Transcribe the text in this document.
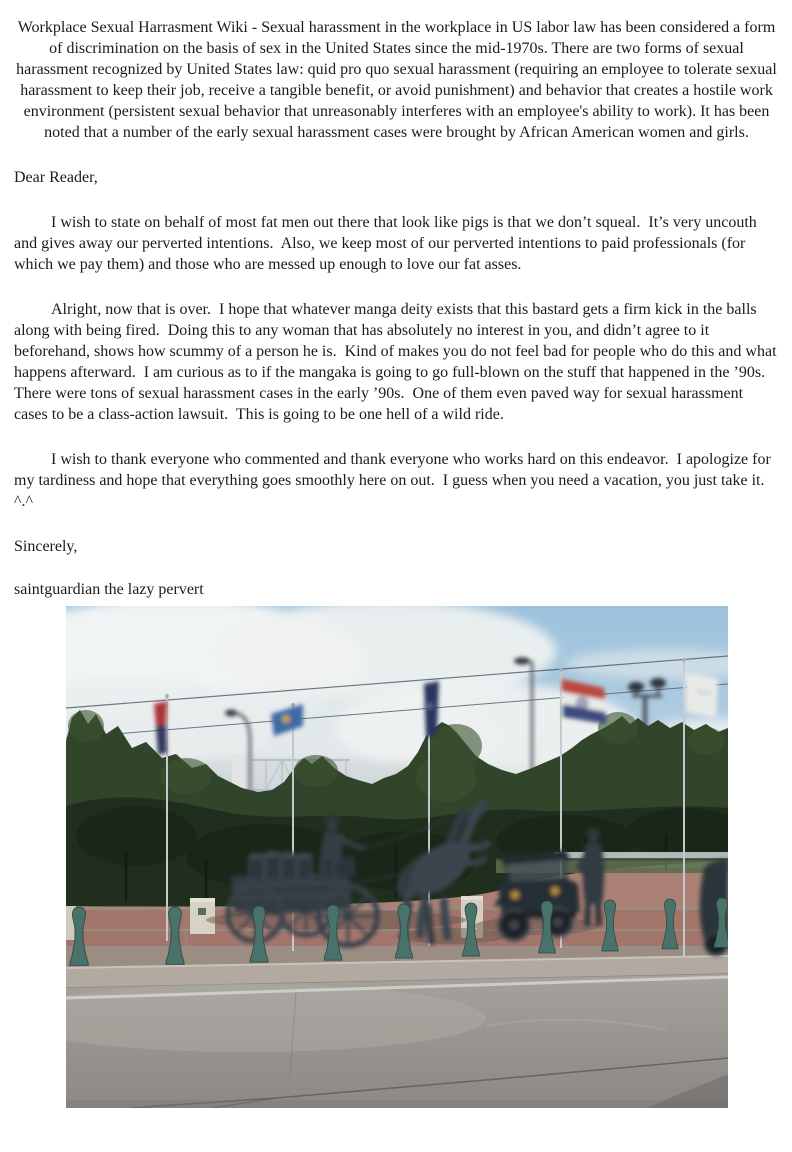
Workplace Sexual Harrasment Wiki - Sexual harassment in the workplace in US labor law has been considered a form of discrimination on the basis of sex in the United States since the mid-1970s. There are two forms of sexual harassment recognized by United States law: quid pro quo sexual harassment (requiring an employee to tolerate sexual harassment to keep their job, receive a tangible benefit, or avoid punishment) and behavior that creates a hostile work environment (persistent sexual behavior that unreasonably interferes with an employee's ability to work). It has been noted that a number of the early sexual harassment cases were brought by African American women and girls.

Dear Reader,

I wish to state on behalf of most fat men out there that look like pigs is that we don’t squeal.  It’s very uncouth and gives away our perverted intentions.  Also, we keep most of our perverted intentions to paid professionals (for which we pay them) and those who are messed up enough to love our fat asses.

Alright, now that is over.  I hope that whatever manga deity exists that this bastard gets a firm kick in the balls along with being fired.  Doing this to any woman that has absolutely no interest in you, and didn’t agree to it beforehand, shows how scummy of a person he is.  Kind of makes you do not feel bad for people who do this and what happens afterward.  I am curious as to if the mangaka is going to go full-blown on the stuff that happened in the ’90s.  There were tons of sexual harassment cases in the early ’90s.  One of them even paved way for sexual harassment cases to be a class-action lawsuit.  This is going to be one hell of a wild ride.

I wish to thank everyone who commented and thank everyone who works hard on this endeavor.  I apologize for my tardiness and hope that everything goes smoothly here on out.  I guess when you need a vacation, you just take it. ^.^

Sincerely,

saintguardian the lazy pervert
